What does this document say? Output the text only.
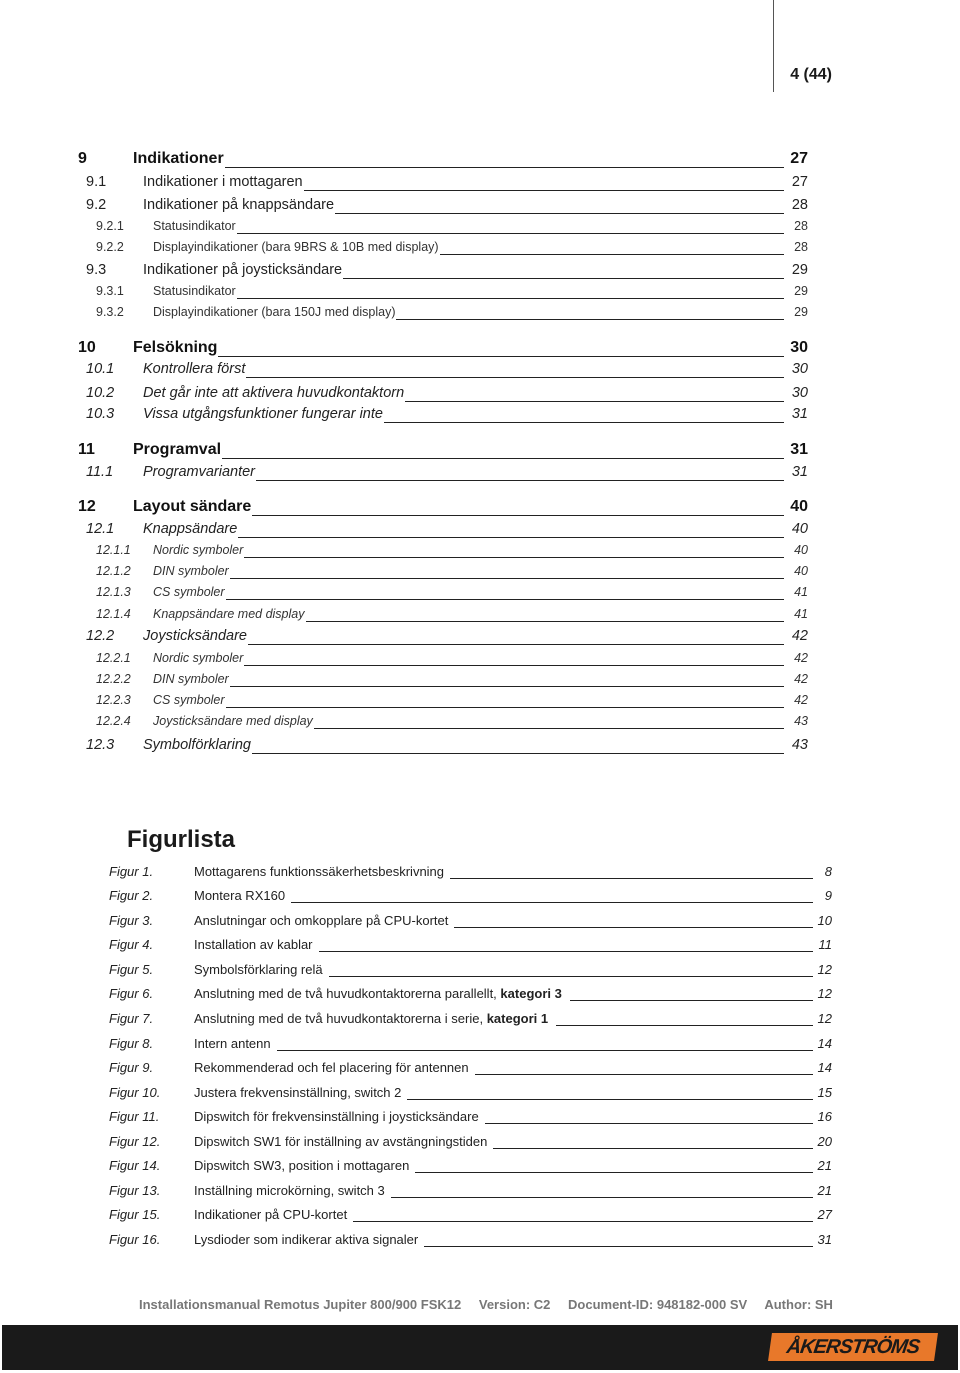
4 (44)
9	Indikationer	27
9.1	Indikationer i mottagaren	27
9.2	Indikationer på knappsändare	28
9.2.1 Statusindikator	28
9.2.2 Displayindikationer (bara 9BRS & 10B med display)	28
9.3	Indikationer på joysticksändare	29
9.3.1 Statusindikator	29
9.3.2 Displayindikationer (bara 150J med display)	29
10 Felsökning	30
10.1 Kontrollera först	30
10.2 Det går inte att aktivera huvudkontaktorn	30
10.3 Vissa utgångsfunktioner fungerar inte	31
11 Programval	31
11.1 Programvarianter	31
12 Layout sändare	40
12.1 Knappsändare	40
12.1.1 Nordic symboler	40
12.1.2 DIN symboler	40
12.1.3 CS symboler	41
12.1.4 Knappsändare med display	41
12.2 Joysticksändare	42
12.2.1 Nordic symboler	42
12.2.2 DIN symboler	42
12.2.3 CS symboler	42
12.2.4 Joysticksändare med display	43
12.3 Symbolförklaring	43
Figurlista
Figur 1.	Mottagarens funktionssäkerhetsbeskrivning	8
Figur 2.	Montera RX160	9
Figur 3.	Anslutningar och omkopplare på CPU-kortet	10
Figur 4.	Installation av kablar	11
Figur 5.	Symbolsförklaring relä	12
Figur 6.	Anslutning med de två huvudkontaktorerna parallellt, kategori 3	12
Figur 7.	Anslutning med de två huvudkontaktorerna i serie, kategori 1	12
Figur 8.	Intern antenn	14
Figur 9.	Rekommenderad och fel placering för antennen	14
Figur 10.	Justera frekvensinställning, switch 2	15
Figur 11.	Dipswitch för frekvensinställning i joysticksändare	16
Figur 12.	Dipswitch SW1 för inställning av avstängningstiden	20
Figur 14.	Dipswitch SW3, position i mottagaren	21
Figur 13.	Inställning microkörning, switch 3	21
Figur 15.	Indikationer på CPU-kortet	27
Figur 16.	Lysdioder som indikerar aktiva signaler	31
Installationsmanual Remotus Jupiter 800/900 FSK12 Version: C2 Document-ID: 948182-000 SV Author: SH
ÅKERSTRÖMS
